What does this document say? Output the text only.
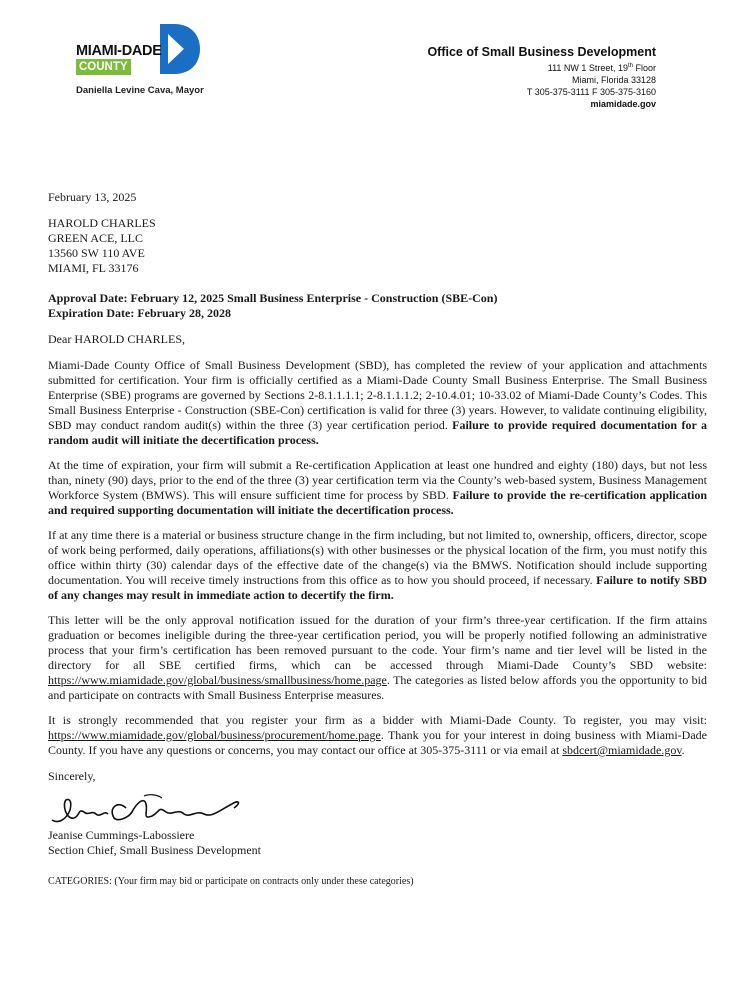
MIAMI-DADE
COUNTY
Daniella Levine Cava, Mayor
Office of Small Business Development
111 NW 1 Street, 19th Floor
Miami, Florida 33128
T 305-375-3111 F 305-375-3160
miamidade.gov

February 13, 2025

HAROLD CHARLES

GREEN ACE, LLC

13560 SW 110 AVE

MIAMI, FL 33176

Approval Date: February 12, 2025 Small Business Enterprise - Construction (SBE-Con)

Expiration Date: February 28, 2028

Dear HAROLD CHARLES,

Miami-Dade County Office of Small Business Development (SBD), has completed the review of your application and attachments submitted for certification. Your firm is officially certified as a Miami-Dade County Small Business Enterprise. The Small Business Enterprise (SBE) programs are governed by Sections 2-8.1.1.1.1; 2-8.1.1.1.2; 2-10.4.01; 10-33.02 of Miami-Dade County’s Codes. This Small Business Enterprise - Construction (SBE-Con) certification is valid for three (3) years. However, to validate continuing eligibility, SBD may conduct random audit(s) within the three (3) year certification period. Failure to provide required documentation for a random audit will initiate the decertification process.

At the time of expiration, your firm will submit a Re-certification Application at least one hundred and eighty (180) days, but not less than, ninety (90) days, prior to the end of the three (3) year certification term via the County’s web-based system, Business Management Workforce System (BMWS). This will ensure sufficient time for process by SBD. Failure to provide the re-certification application and required supporting documentation will initiate the decertification process.

If at any time there is a material or business structure change in the firm including, but not limited to, ownership, officers, director, scope of work being performed, daily operations, affiliations(s) with other businesses or the physical location of the firm, you must notify this office within thirty (30) calendar days of the effective date of the change(s) via the BMWS. Notification should include supporting documentation. You will receive timely instructions from this office as to how you should proceed, if necessary. Failure to notify SBD of any changes may result in immediate action to decertify the firm.

This letter will be the only approval notification issued for the duration of your firm’s three-year certification. If the firm attains graduation or becomes ineligible during the three-year certification period, you will be properly notified following an administrative process that your firm’s certification has been removed pursuant to the code. Your firm’s name and tier level will be listed in the directory for all SBE certified firms, which can be accessed through Miami-Dade County’s SBD website: https://www.miamidade.gov/global/business/smallbusiness/home.page. The categories as listed below affords you the opportunity to bid and participate on contracts with Small Business Enterprise measures.

It is strongly recommended that you register your firm as a bidder with Miami-Dade County. To register, you may visit: https://www.miamidade.gov/global/business/procurement/home.page. Thank you for your interest in doing business with Miami-Dade County. If you have any questions or concerns, you may contact our office at 305-375-3111 or via email at sbdcert@miamidade.gov.

Sincerely,

Jeanise Cummings-Labossiere

Section Chief, Small Business Development

CATEGORIES: (Your firm may bid or participate on contracts only under these categories)
